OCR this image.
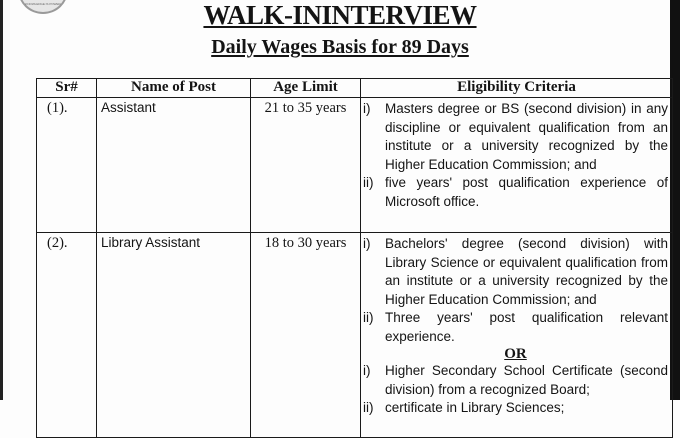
KNOWLEDGE IS POWER	WALK-ININTERVIEW
Daily Wages Basis for 89 Days
Sr#	Name of Post	Age Limit	Eligibility Criteria
(1).	Assistant	21 to 35 years	i) Masters degree or BS (second division) in any discipline or equivalent qualification from an institute or a university recognized by the Higher Education Commission; and
ii) five years' post qualification experience of Microsoft office.

(2).	Library Assistant	18 to 30 years	i)	Bachelors' degree (second division) with Library Science or equivalent qualification from an institute or a university recognized by the Higher Education Commission; and
ii) Three years' post qualification relevant experience.
OR
i)	Higher Secondary School Certificate (second division) from a recognized Board;
ii) certificate in Library Sciences;
